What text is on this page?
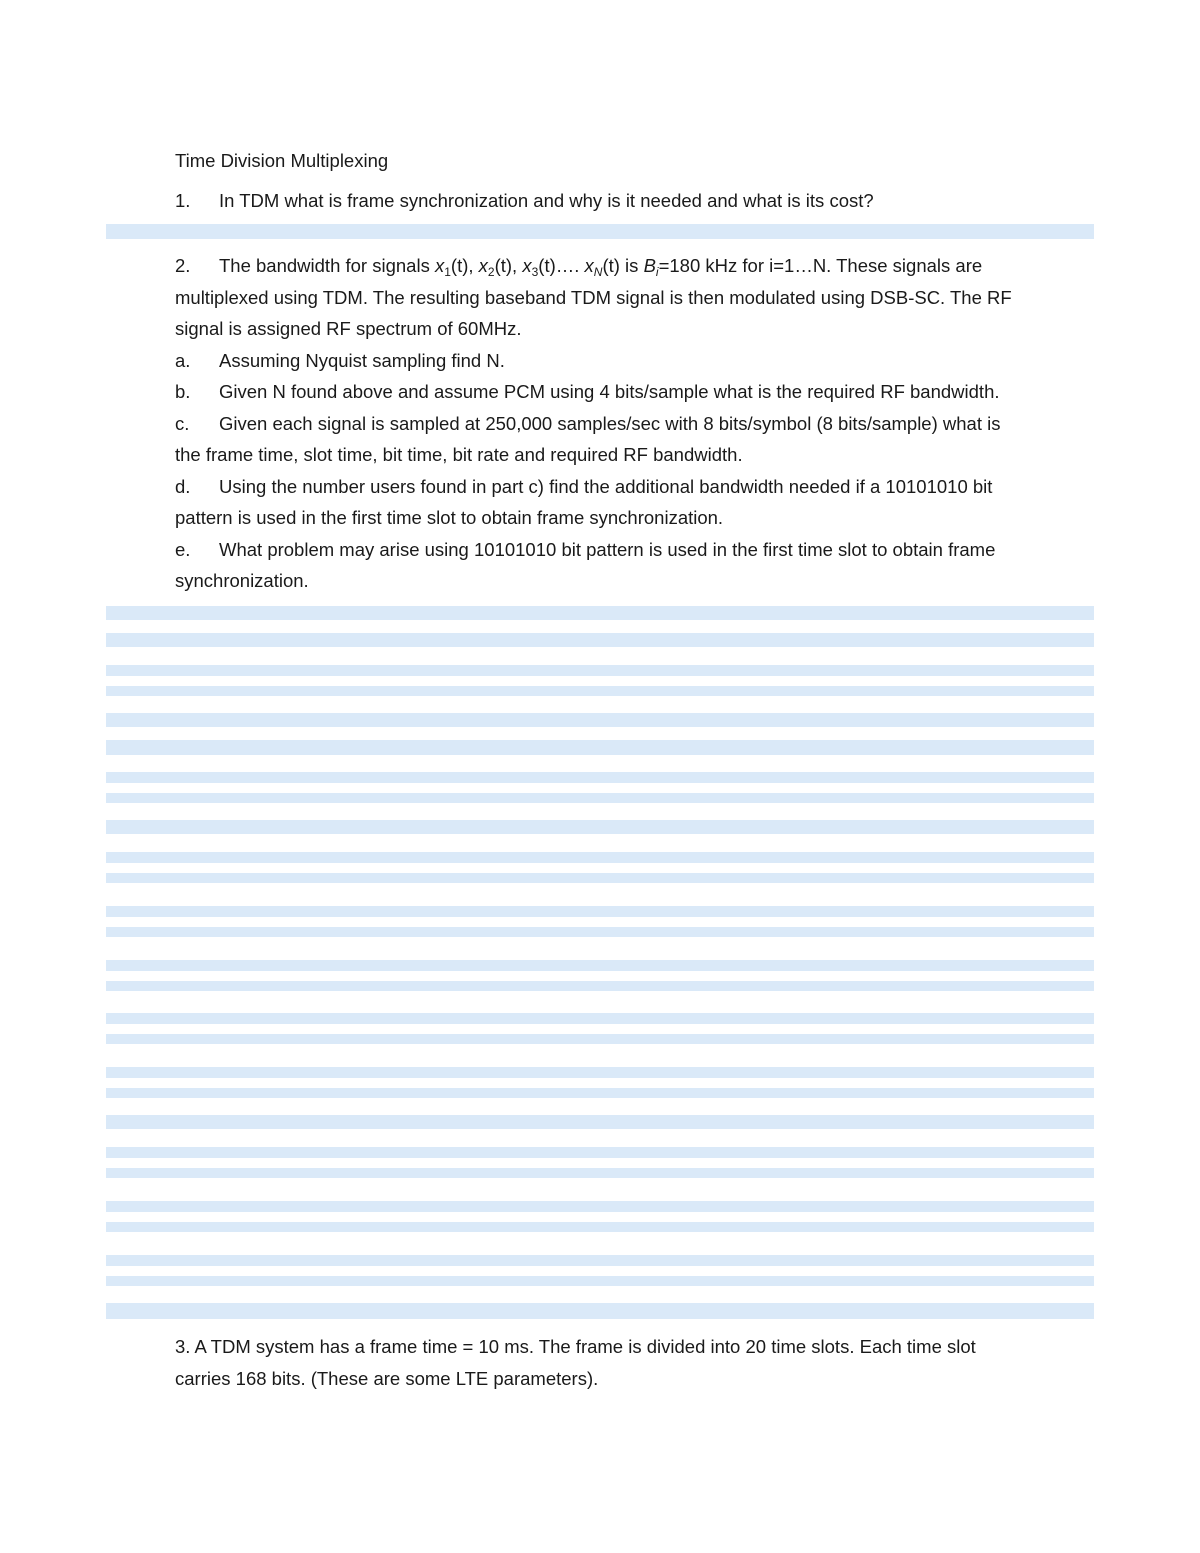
Time Division Multiplexing
1. In TDM what is frame synchronization and why is it needed and what is its cost?
2. The bandwidth for signals $x_1(t)$, $x_2(t)$, $x_3(t)\dots$. $x_N(t)$ is $B_i=180$ kHz for i=1…N. These signals are
multiplexed using TDM. The resulting baseband TDM signal is then modulated using DSB-SC. The RF
signal is assigned RF spectrum of 60MHz.
a. Assuming Nyquist sampling find N.
b. Given N found above and assume PCM using 4 bits/sample what is the required RF bandwidth.
c. Given each signal is sampled at 250,000 samples/sec with 8 bits/symbol (8 bits/sample) what is
the frame time, slot time, bit time, bit rate and required RF bandwidth.
d. Using the number users found in part c) find the additional bandwidth needed if a 10101010 bit
pattern is used in the first time slot to obtain frame synchronization.
e. What problem may arise using 10101010 bit pattern is used in the first time slot to obtain frame
synchronization.
3. A TDM system has a frame time = 10 ms. The frame is divided into 20 time slots. Each time slot
carries 168 bits. (These are some LTE parameters).
